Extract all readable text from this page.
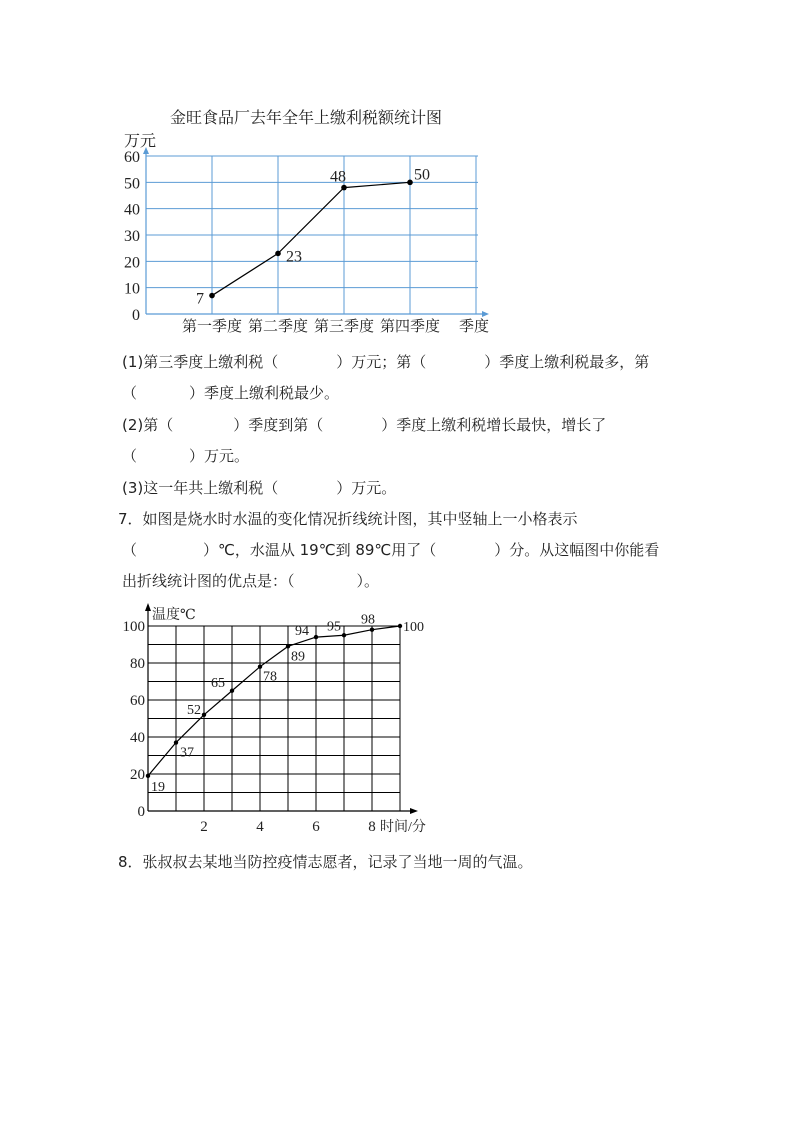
金旺食品厂去年全年上缴利税额统计图
0
10
20
30
40
50
60
万元
季度
第一季度 第二季度 第三季度 第四季度
7
23
48	50
(1)第三季度上缴利税（	）万元；第（	）季度上缴利税最多，第
（	）季度上缴利税最少。
(2)第（	）季度到第（	）季度上缴利税增长最快，增长了
（	）万元。
(3)这一年共上缴利税（	）万元。
7．如图是烧水时水温的变化情况折线统计图，其中竖轴上一小格表示
（	）℃，水温从 19℃到 89℃用了（	）分。从这幅图中你能看
出折线统计图的优点是：（	）。
0
20
40
60
80
100
2	4	6	8
温度℃
时间/分
19
37
52
65	78
89
94 95 98 100
8．张叔叔去某地当防控疫情志愿者，记录了当地一周的气温。
